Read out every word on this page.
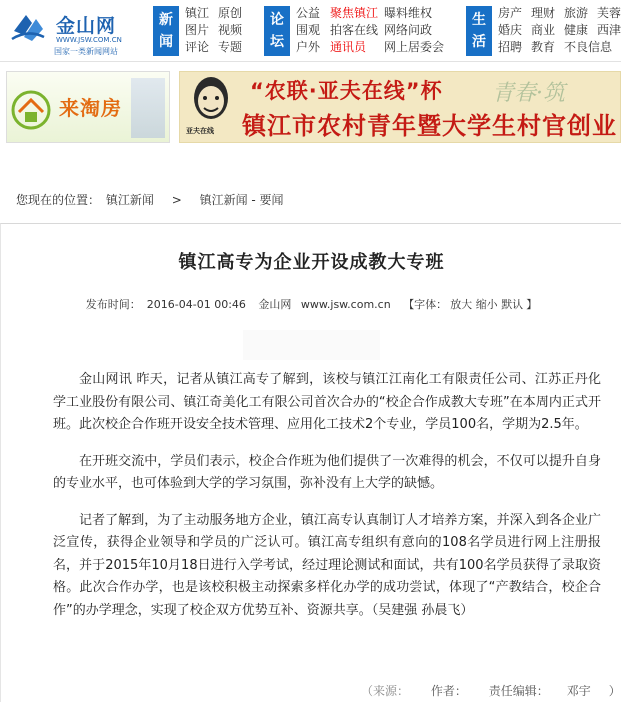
金山网
WWW.JSW.COM.CN
国家一类新闻网站
新
闻
镇江 原创
图片 视频
评论 专题
论
坛
公益 聚焦镇江 曝料维权
围观 拍客在线 网络问政
户外 通讯员	网上居委会
生
活
房产 理财 旅游 芙蓉
婚庆 商业 健康 西津
招聘 教育 不良信息
来淘房
亚夫在线
“农联·亚夫在线”杯 青春·筑
镇江市农村青年暨大学生村官创业
您现在的位置： 镇江新闻 > 镇江新闻 - 要闻
镇江高专为企业开设成教大专班
发布时间： 2016-04-01 00:46 金山网 www.jsw.com.cn 【字体： 放大 缩小 默认 】

金山网讯 昨天，记者从镇江高专了解到，该校与镇江江南化工有限责任公司、江苏正丹化学工业股份有限公司、镇江奇美化工有限公司首次合办的“校企合作成教大专班”在本周内正式开班。此次校企合作班开设安全技术管理、应用化工技术2个专业，学员100名，学期为2.5年。

在开班交流中，学员们表示，校企合作班为他们提供了一次难得的机会，不仅可以提升自身的专业水平，也可体验到大学的学习氛围，弥补没有上大学的缺憾。

记者了解到，为了主动服务地方企业，镇江高专认真制订人才培养方案，并深入到各企业广泛宣传，获得企业领导和学员的广泛认可。镇江高专组织有意向的108名学员进行网上注册报名，并于2015年10月18日进行入学考试，经过理论测试和面试，共有100名学员获得了录取资格。此次合作办学，也是该校积极主动探索多样化办学的成功尝试，体现了“产教结合，校企合作”的办学理念，实现了校企双方优势互补、资源共享。（吴建强 孙晨飞）

（来源： 作者： 责任编辑： 邓宇 ）
